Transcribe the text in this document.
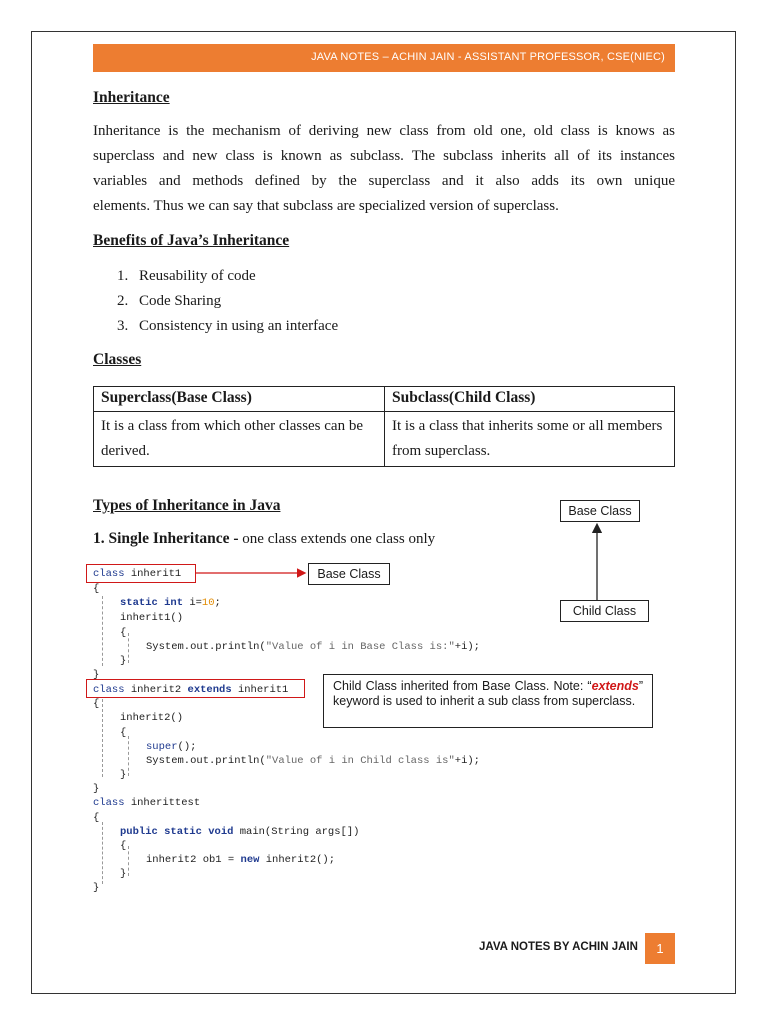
JAVA NOTES – ACHIN JAIN - ASSISTANT PROFESSOR, CSE(NIEC)
Inheritance
Inheritance is the mechanism of deriving new class from old one, old class is knows as
superclass and new class is known as subclass. The subclass inherits all of its instances
variables and methods defined by the superclass and it also adds its own unique
elements. Thus we can say that subclass are specialized version of superclass.
Benefits of Java’s Inheritance
1. Reusability of code
2. Code Sharing
3. Consistency in using an interface
Classes
Superclass(Base Class)	Subclass(Child Class)
It is a class from which other classes can be derived.	It is a class that inherits some or all members from superclass.
Types of Inheritance in Java
1. Single Inheritance - one class extends one class only
Base Class
Child Class
Base Class
class inherit1
{
static int i=10;
inherit1()
{
System.out.println("Value of i in Base Class is:"+i);
}
}
class inherit2 extends inherit1
{
inherit2()
{
super();
System.out.println("Value of i in Child class is"+i);
}
}
class inherittest
{
public static void main(String args[])
{
inherit2 ob1 = new inherit2();
}
}
Child Class inherited from Base Class. Note: “extends” keyword is used to inherit a sub class from superclass.
JAVA NOTES BY ACHIN JAIN	1
